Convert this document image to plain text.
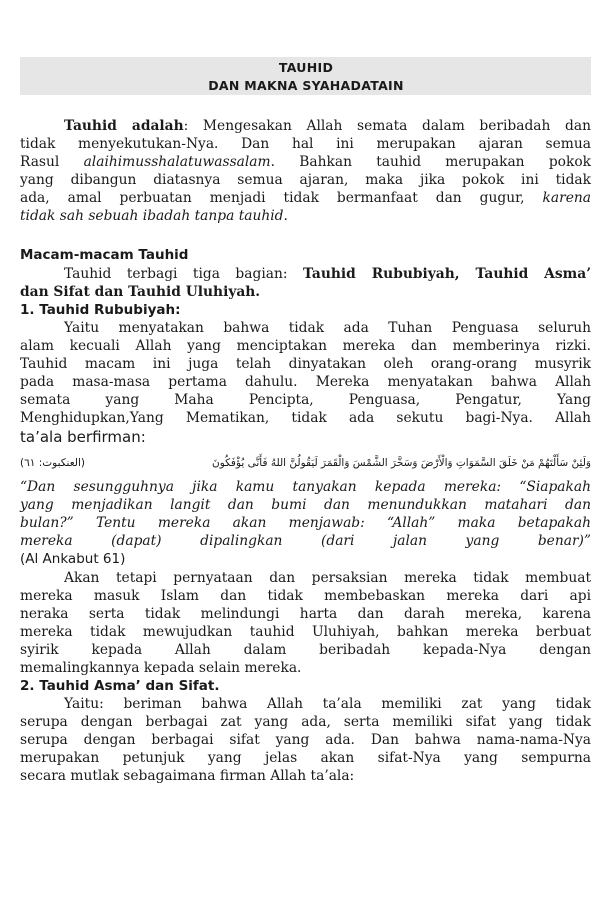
TAUHID
DAN MAKNA SYAHADATAIN
Tauhid adalah: Mengesakan Allah semata dalam beribadah dan
tidak menyekutukan-Nya. Dan hal ini merupakan ajaran semua
Rasul alaihimusshalatuwassalam. Bahkan tauhid merupakan pokok
yang dibangun diatasnya semua ajaran, maka jika pokok ini tidak
ada, amal perbuatan menjadi tidak bermanfaat dan gugur, karena
tidak sah sebuah ibadah tanpa tauhid.
Macam-macam Tauhid
Tauhid terbagi tiga bagian: Tauhid Rububiyah, Tauhid Asma’
dan Sifat dan Tauhid Uluhiyah.
1. Tauhid Rububiyah:
Yaitu menyatakan bahwa tidak ada Tuhan Penguasa seluruh
alam kecuali Allah yang menciptakan mereka dan memberinya rizki.
Tauhid macam ini juga telah dinyatakan oleh orang-orang musyrik
pada masa-masa pertama dahulu. Mereka menyatakan bahwa Allah
semata yang Maha Pencipta, Penguasa, Pengatur, Yang
Menghidupkan,Yang Mematikan, tidak ada sekutu bagi-Nya. Allah
ta’ala berfirman:
(العنكبوت: ٦١)	وَلَئِنْ سَأَلْتَهُمْ مَنْ خَلَقَ السَّمَوَاتِ وَالْأَرْضَ وَسَخَّرَ الشَّمْسَ وَالْقَمَرَ لَيَقُولُنَّ اللهُ فَأَنَّى يُؤْفَكُونَ
“Dan sesungguhnya jika kamu tanyakan kepada mereka: “Siapakah
yang menjadikan langit dan bumi dan menundukkan matahari dan
bulan?” Tentu mereka akan menjawab: “Allah” maka betapakah
mereka (dapat) dipalingkan (dari jalan yang benar)”
(Al Ankabut 61)
Akan tetapi pernyataan dan persaksian mereka tidak membuat
mereka masuk Islam dan tidak membebaskan mereka dari api
neraka serta tidak melindungi harta dan darah mereka, karena
mereka tidak mewujudkan tauhid Uluhiyah, bahkan mereka berbuat
syirik kepada Allah dalam beribadah kepada-Nya dengan
memalingkannya kepada selain mereka.
2. Tauhid Asma’ dan Sifat.
Yaitu: beriman bahwa Allah ta’ala memiliki zat yang tidak
serupa dengan berbagai zat yang ada, serta memiliki sifat yang tidak
serupa dengan berbagai sifat yang ada. Dan bahwa nama-nama-Nya
merupakan petunjuk yang jelas akan sifat-Nya yang sempurna
secara mutlak sebagaimana firman Allah ta’ala:
